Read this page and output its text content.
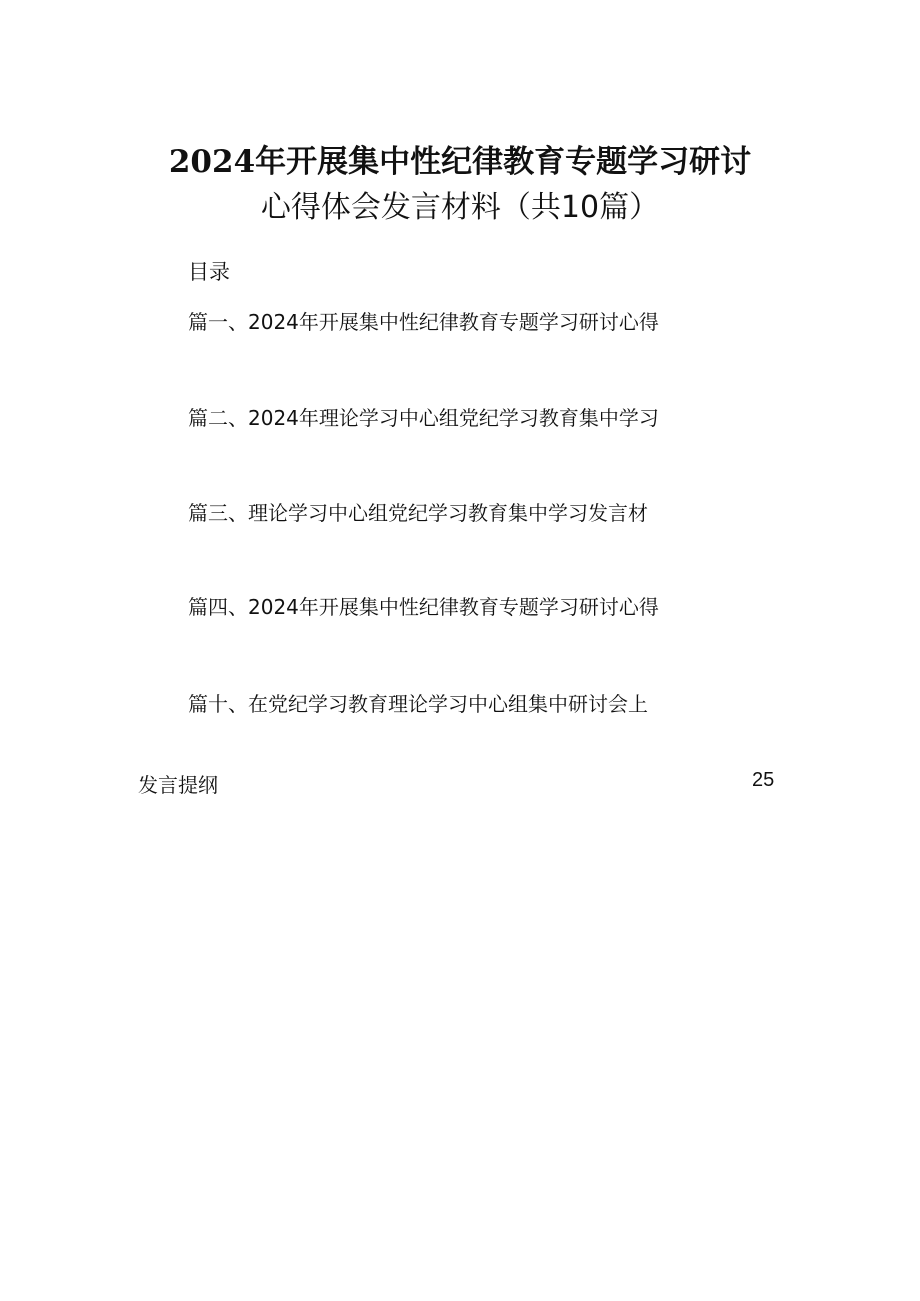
2024年开展集中性纪律教育专题学习研讨
心得体会发言材料（共10篇）
目录
篇一、2024年开展集中性纪律教育专题学习研讨心得
篇二、2024年理论学习中心组党纪学习教育集中学习
篇三、理论学习中心组党纪学习教育集中学习发言材
篇四、2024年开展集中性纪律教育专题学习研讨心得
篇十、在党纪学习教育理论学习中心组集中研讨会上
发言提纲	25
